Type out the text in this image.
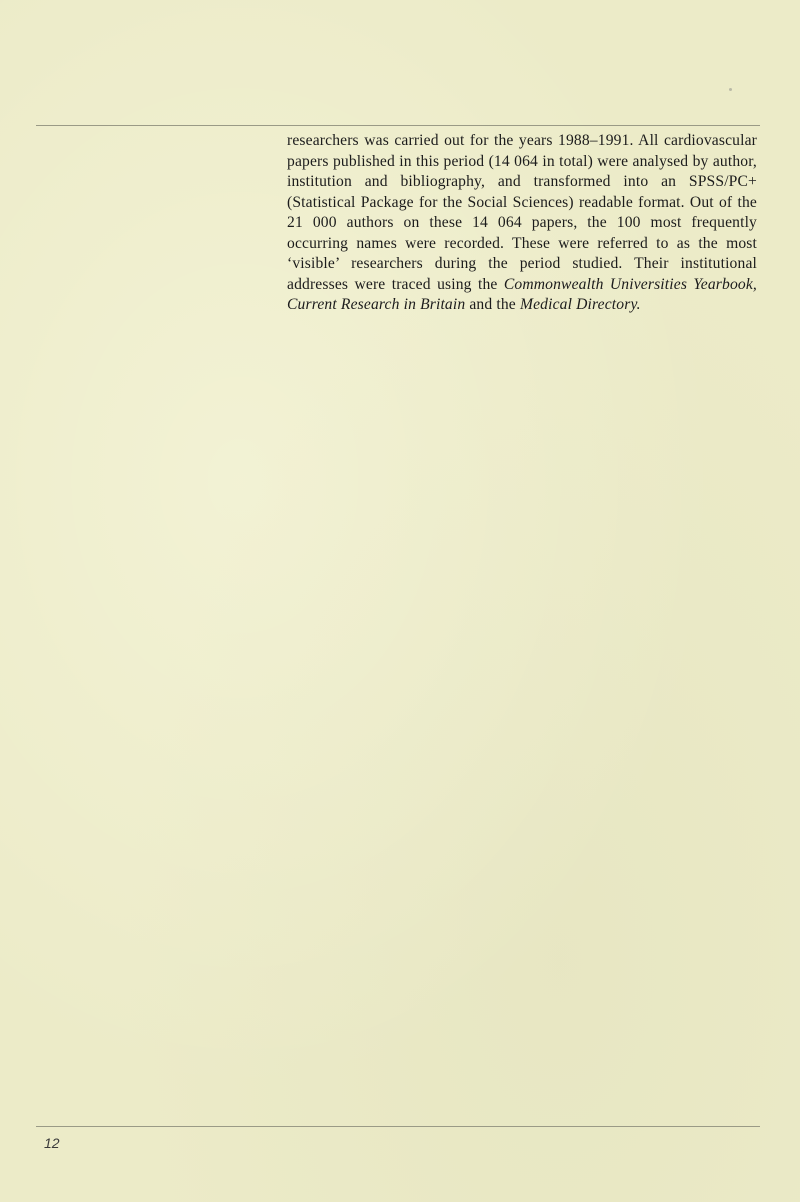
researchers was carried out for the years 1988–1991. All cardiovascular papers published in this period (14 064 in total) were analysed by author, institution and bibliography, and transformed into an SPSS/PC+ (Statistical Package for the Social Sciences) readable format. Out of the 21 000 authors on these 14 064 papers, the 100 most frequently occurring names were recorded. These were referred to as the most ‘visible’ researchers during the period studied. Their institutional addresses were traced using the Commonwealth Universities Yearbook, Current Research in Britain and the Medical Directory.

12
